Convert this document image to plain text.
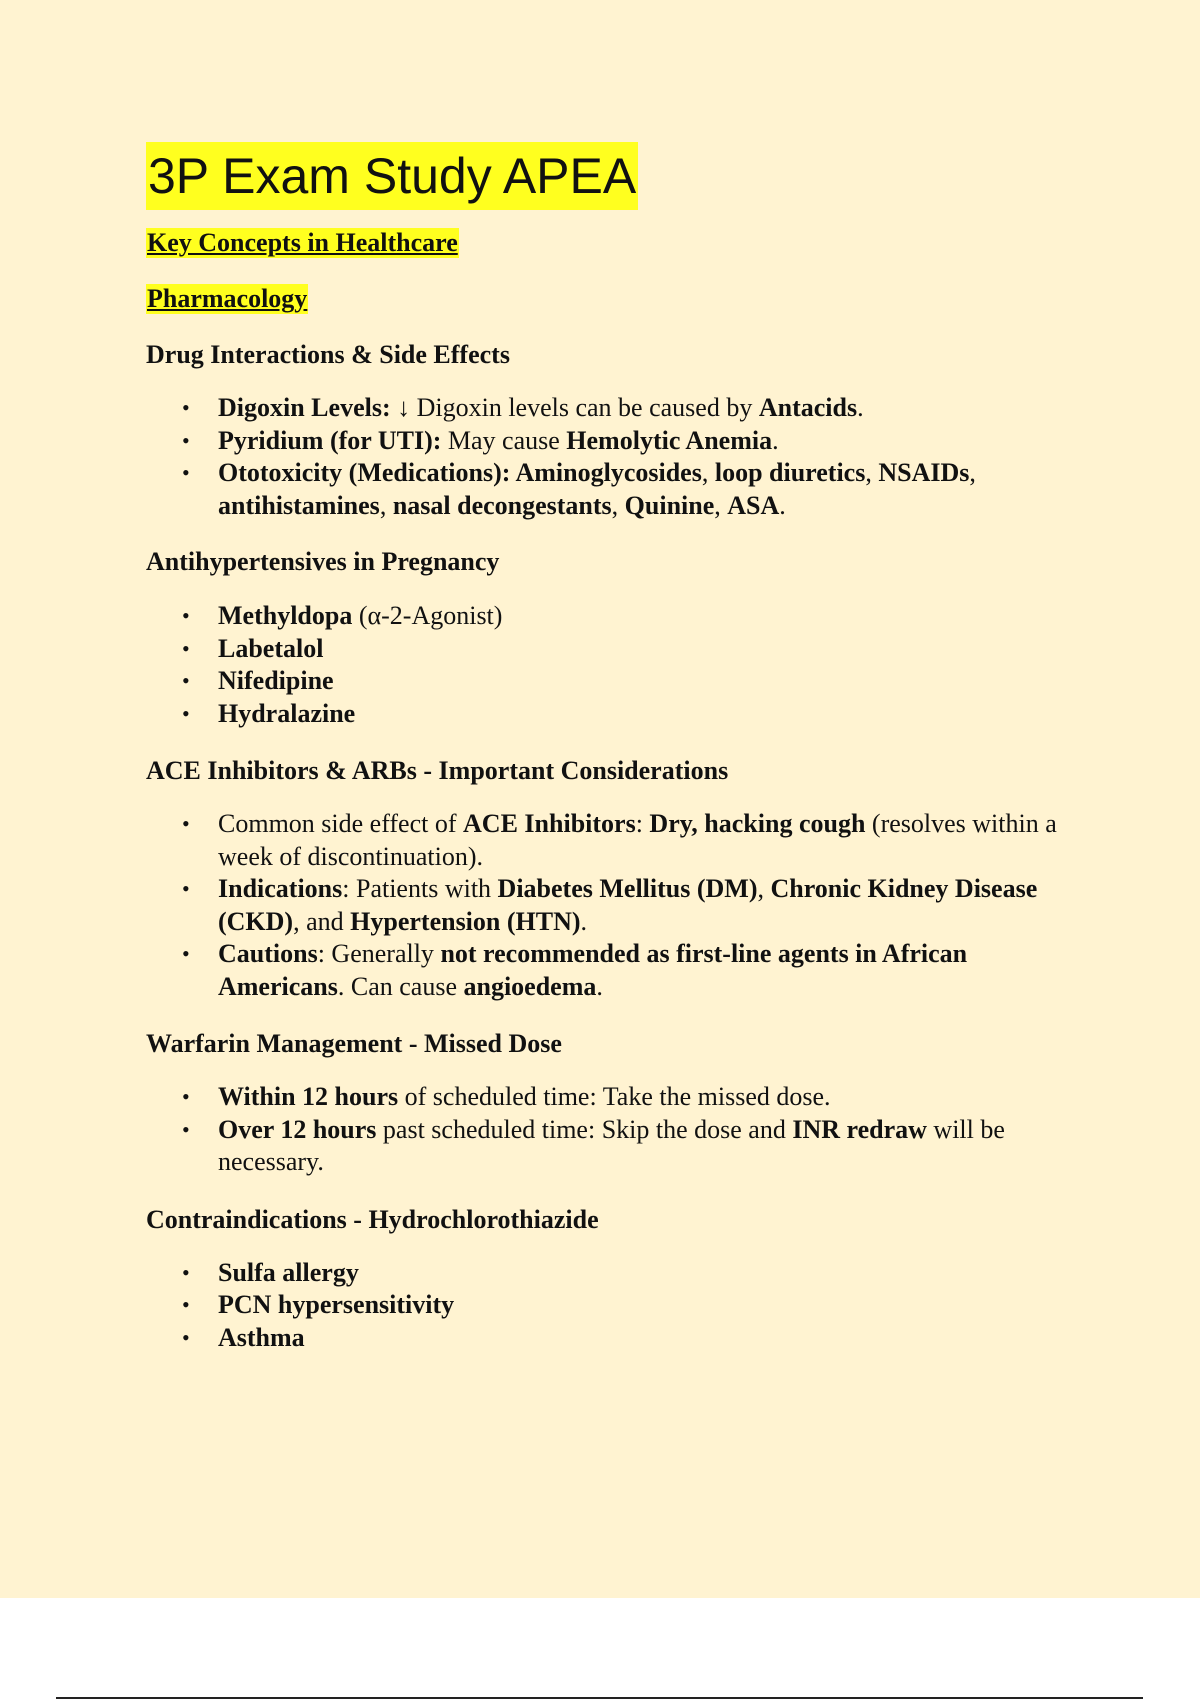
3P Exam Study APEA
Key Concepts in Healthcare
Pharmacology
Drug Interactions & Side Effects
• Digoxin Levels: ↓ Digoxin levels can be caused by Antacids.
• Pyridium (for UTI): May cause Hemolytic Anemia.
• Ototoxicity (Medications): Aminoglycosides, loop diuretics, NSAIDs, antihistamines, nasal decongestants, Quinine, ASA.
Antihypertensives in Pregnancy
• Methyldopa (α-2-Agonist)
• Labetalol
• Nifedipine
• Hydralazine
ACE Inhibitors & ARBs - Important Considerations
• Common side effect of ACE Inhibitors: Dry, hacking cough (resolves within a week of discontinuation).
• Indications: Patients with Diabetes Mellitus (DM), Chronic Kidney Disease (CKD), and Hypertension (HTN).
• Cautions: Generally not recommended as first-line agents in African Americans. Can cause angioedema.
Warfarin Management - Missed Dose
• Within 12 hours of scheduled time: Take the missed dose.
• Over 12 hours past scheduled time: Skip the dose and INR redraw will be necessary.
Contraindications - Hydrochlorothiazide
• Sulfa allergy
• PCN hypersensitivity
• Asthma
